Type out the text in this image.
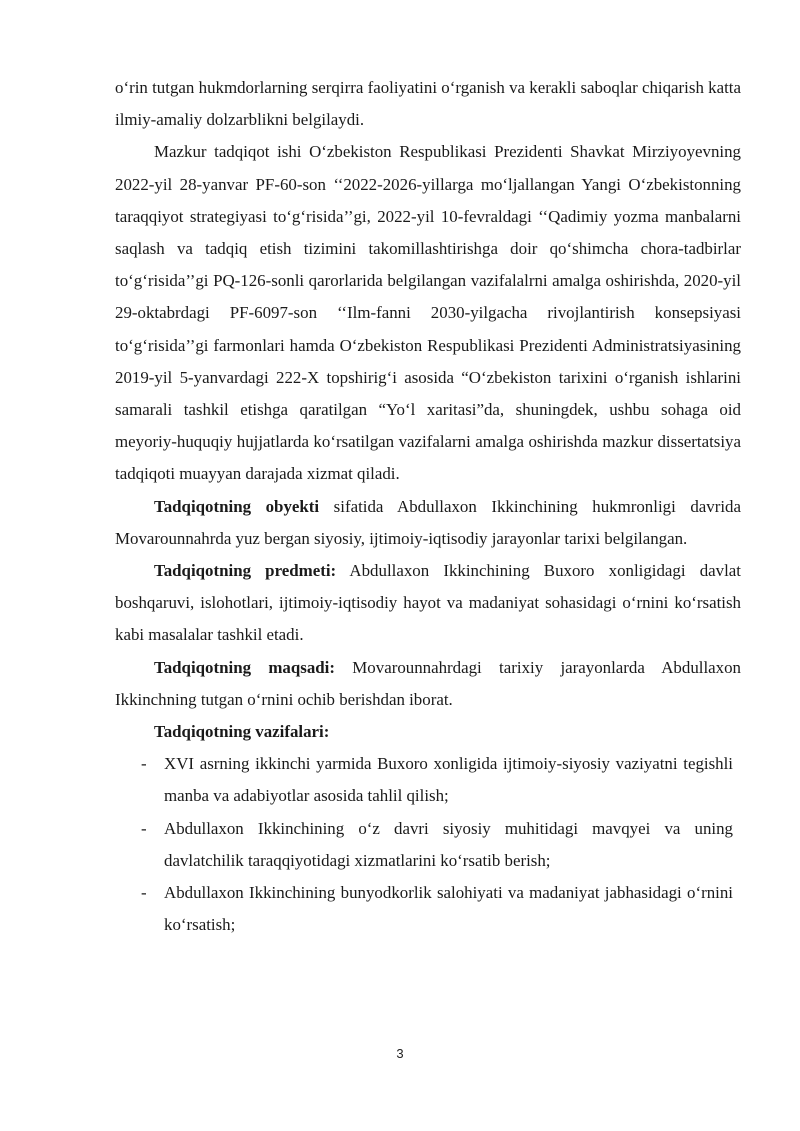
o‘rin tutgan hukmdorlarning serqirra faoliyatini o‘rganish va kerakli saboqlar chiqarish katta ilmiy-amaliy dolzarblikni belgilaydi.

Mazkur tadqiqot ishi O‘zbekiston Respublikasi Prezidenti Shavkat Mirziyoyevning 2022-yil 28-yanvar PF-60-son ‘‘2022-2026-yillarga mo‘ljallangan Yangi O‘zbekistonning taraqqiyot strategiyasi to‘g‘risida’’gi, 2022-yil 10-fevraldagi ‘‘Qadimiy yozma manbalarni saqlash va tadqiq etish tizimini takomillashtirishga doir qo‘shimcha chora-tadbirlar to‘g‘risida’’gi PQ-126-sonli qarorlarida belgilangan vazifalalrni amalga oshirishda, 2020-yil 29-oktabrdagi PF-6097-son ‘‘Ilm-fanni 2030-yilgacha rivojlantirish konsepsiyasi to‘g‘risida’’gi farmonlari hamda O‘zbekiston Respublikasi Prezidenti Administratsiyasining 2019-yil 5-yanvardagi 222-X topshirig‘i asosida “O‘zbekiston tarixini o‘rganish ishlarini samarali tashkil etishga qaratilgan “Yo‘l xaritasi”da, shuningdek, ushbu sohaga oid meyoriy-huquqiy hujjatlarda ko‘rsatilgan vazifalarni amalga oshirishda mazkur dissertatsiya tadqiqoti muayyan darajada xizmat qiladi.

Tadqiqotning obyekti sifatida Abdullaxon Ikkinchining hukmronligi davrida Movarounnahrda yuz bergan siyosiy, ijtimoiy-iqtisodiy jarayonlar tarixi belgilangan.

Tadqiqotning predmeti: Abdullaxon Ikkinchining Buxoro xonligidagi davlat boshqaruvi, islohotlari, ijtimoiy-iqtisodiy hayot va madaniyat sohasidagi o‘rnini ko‘rsatish kabi masalalar tashkil etadi.

Tadqiqotning maqsadi: Movarounnahrdagi tarixiy jarayonlarda Abdullaxon Ikkinchning tutgan o‘rnini ochib berishdan iborat.

Tadqiqotning vazifalari:

- XVI asrning ikkinchi yarmida Buxoro xonligida ijtimoiy-siyosiy vaziyatni tegishli manba va adabiyotlar asosida tahlil qilish;
- Abdullaxon Ikkinchining o‘z davri siyosiy muhitidagi mavqyei va uning davlatchilik taraqqiyotidagi xizmatlarini ko‘rsatib berish;
- Abdullaxon Ikkinchining bunyodkorlik salohiyati va madaniyat jabhasidagi o‘rnini ko‘rsatish;
3
